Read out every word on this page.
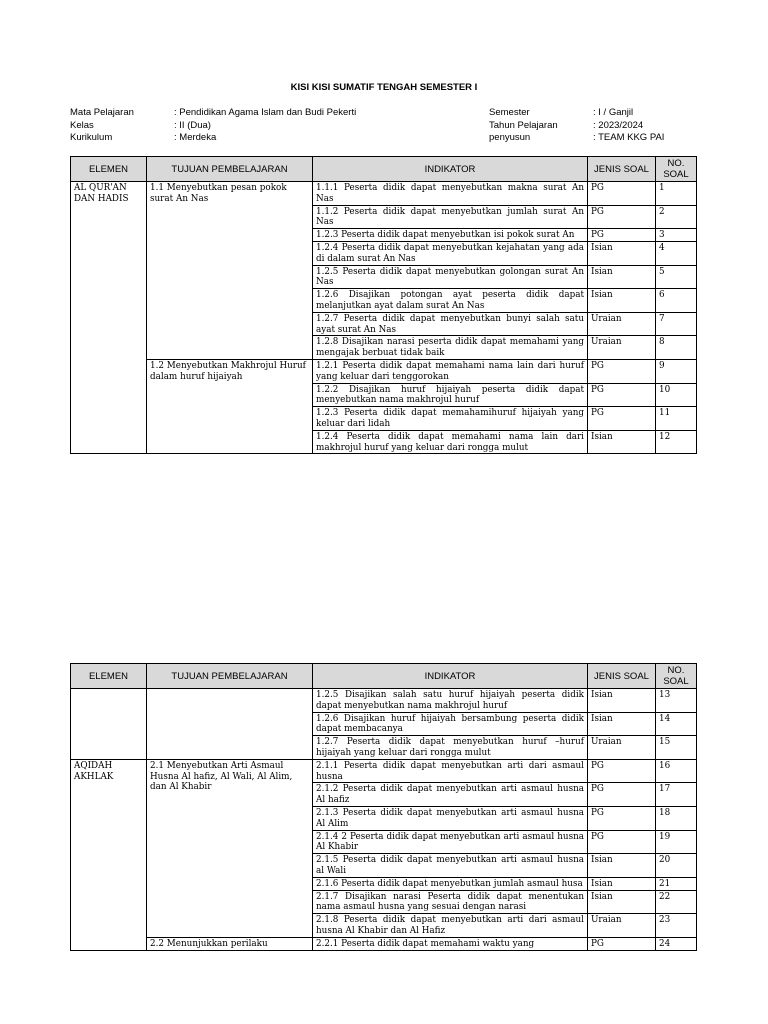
KISI KISI SUMATIF TENGAH SEMESTER I
Mata Pelajaran	: Pendidikan Agama Islam dan Budi Pekerti
Kelas	: II (Dua)
Kurikulum	: Merdeka
Semester	: I / Ganjil
Tahun Pelajaran	: 2023/2024
penyusun	: TEAM KKG PAI
ELEMEN	TUJUAN PEMBELAJARAN	INDIKATOR	JENIS SOAL	NO. SOAL
AL QUR'AN DAN HADIS	1.1 Menyebutkan pesan pokok surat An Nas	1.1.1 Peserta didik dapat menyebutkan makna surat An Nas	PG	1
		1.1.2 Peserta didik dapat menyebutkan jumlah surat An Nas	PG	2
		1.2.3 Peserta didik dapat menyebutkan isi pokok surat An	PG	3
		1.2.4 Peserta didik dapat menyebutkan kejahatan yang ada di dalam surat An Nas	Isian	4
		1.2.5 Peserta didik dapat menyebutkan golongan surat An Nas	Isian	5
		1.2.6 Disajikan potongan ayat peserta didik dapat melanjutkan ayat dalam surat An Nas	Isian	6
		1.2.7 Peserta didik dapat menyebutkan bunyi salah satu ayat surat An Nas	Uraian	7
		1.2.8 Disajikan narasi peserta didik dapat memahami yang mengajak berbuat tidak baik	Uraian	8
	1.2 Menyebutkan Makhrojul Huruf dalam huruf hijaiyah	1.2.1 Peserta didik dapat memahami nama lain dari huruf yang keluar dari tenggorokan	PG	9
		1.2.2 Disajikan huruf hijaiyah peserta didik dapat menyebutkan nama makhrojul huruf	PG	10
		1.2.3 Peserta didik dapat memahamihuruf hijaiyah yang keluar dari lidah	PG	11
		1.2.4 Peserta didik dapat memahami nama lain dari makhrojul huruf yang keluar dari rongga mulut	Isian	12
ELEMEN	TUJUAN PEMBELAJARAN	INDIKATOR	JENIS SOAL	NO. SOAL
		1.2.5 Disajikan salah satu huruf hijaiyah peserta didik dapat menyebutkan nama makhrojul huruf	Isian	13
		1.2.6 Disajikan huruf hijaiyah bersambung peserta didik dapat membacanya	Isian	14
		1.2.7 Peserta didik dapat menyebutkan huruf –huruf hijaiyah yang keluar dari rongga mulut	Uraian	15
AQIDAH AKHLAK	2.1 Menyebutkan Arti Asmaul Husna Al hafiz, Al Wali, Al Alim, dan Al Khabir	2.1.1 Peserta didik dapat menyebutkan arti dari asmaul husna	PG	16
		2.1.2 Peserta didik dapat menyebutkan arti asmaul husna Al hafiz	PG	17
		2.1.3 Peserta didik dapat menyebutkan arti asmaul husna Al Alim	PG	18
		2.1.4 2 Peserta didik dapat menyebutkan arti asmaul husna Al Khabir	PG	19
		2.1.5 Peserta didik dapat menyebutkan arti asmaul husna al Wali	Isian	20
		2.1.6 Peserta didik dapat menyebutkan jumlah asmaul husa	Isian	21
		2.1.7 Disajikan narasi Peserta didik dapat menentukan nama asmaul husna yang sesuai dengan narasi	Isian	22
		2.1.8 Peserta didik dapat menyebutkan arti dari asmaul husna Al Khabir dan Al Hafiz	Uraian	23
	2.2 Menunjukkan perilaku	2.2.1 Peserta didik dapat memahami waktu yang	PG	24
